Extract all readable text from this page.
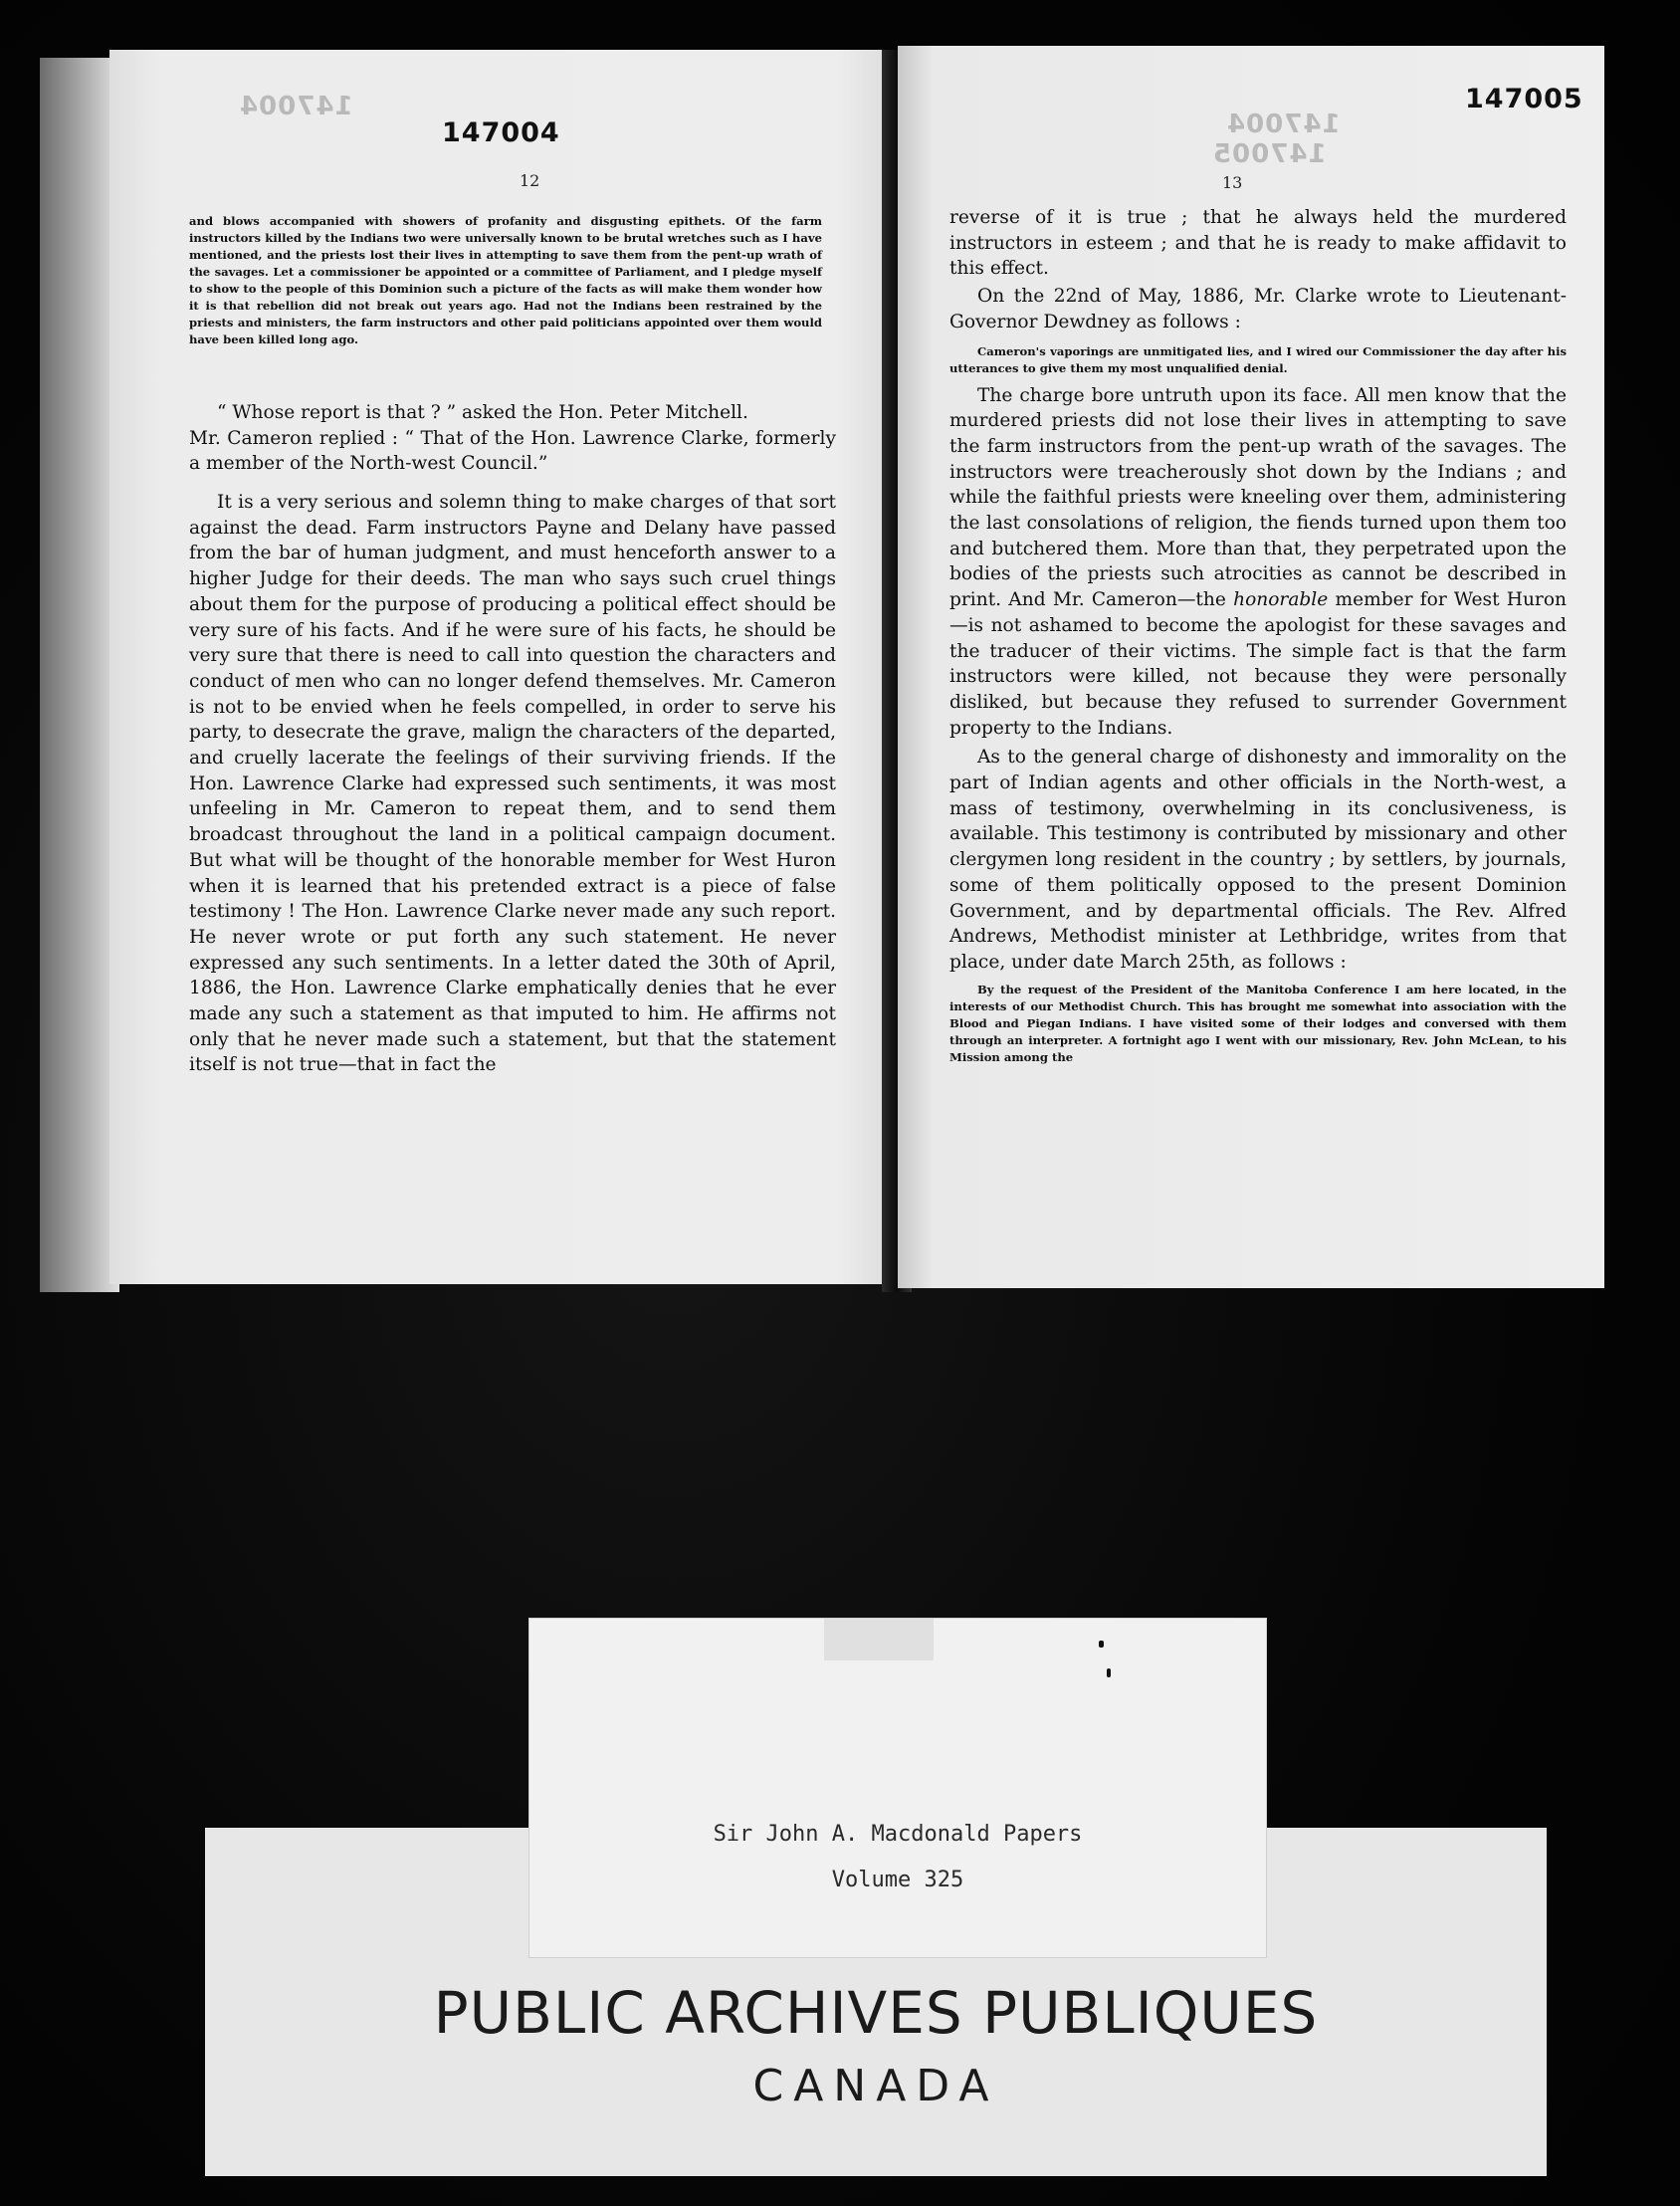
147004
147004
12
and blows accompanied with showers of profanity and disgusting epithets. Of the farm instructors killed by the Indians two were universally known to be brutal wretches such as I have mentioned, and the priests lost their lives in attempting to save them from the pent-up wrath of the savages. Let a commissioner be appointed or a committee of Parliament, and I pledge myself to show to the people of this Dominion such a picture of the facts as will make them wonder how it is that rebellion did not break out years ago. Had not the Indians been restrained by the priests and ministers, the farm instructors and other paid politicians appointed over them would have been killed long ago.

“ Whose report is that ? ” asked the Hon. Peter Mitchell.

Mr. Cameron replied : “ That of the Hon. Lawrence Clarke, formerly a member of the North-west Council.”

It is a very serious and solemn thing to make charges of that sort against the dead. Farm instructors Payne and Delany have passed from the bar of human judgment, and must henceforth answer to a higher Judge for their deeds. The man who says such cruel things about them for the purpose of producing a political effect should be very sure of his facts. And if he were sure of his facts, he should be very sure that there is need to call into question the characters and conduct of men who can no longer defend themselves. Mr. Cameron is not to be envied when he feels compelled, in order to serve his party, to desecrate the grave, malign the characters of the departed, and cruelly lacerate the feelings of their surviving friends. If the Hon. Lawrence Clarke had expressed such sentiments, it was most unfeeling in Mr. Cameron to repeat them, and to send them broadcast throughout the land in a political campaign document. But what will be thought of the honorable member for West Huron when it is learned that his pretended extract is a piece of false testimony ! The Hon. Lawrence Clarke never made any such report. He never wrote or put forth any such statement. He never expressed any such sentiments. In a letter dated the 30th of April, 1886, the Hon. Lawrence Clarke emphatically denies that he ever made any such a statement as that imputed to him. He affirms not only that he never made such a statement, but that the statement itself is not true—that in fact the

147005
147004
147005
13

reverse of it is true ; that he always held the murdered instructors in esteem ; and that he is ready to make affidavit to this effect.

On the 22nd of May, 1886, Mr. Clarke wrote to Lieutenant-Governor Dewdney as follows :

Cameron's vaporings are unmitigated lies, and I wired our Commissioner the day after his utterances to give them my most unqualified denial.

The charge bore untruth upon its face. All men know that the murdered priests did not lose their lives in attempting to save the farm instructors from the pent-up wrath of the savages. The instructors were treacherously shot down by the Indians ; and while the faithful priests were kneeling over them, administering the last consolations of religion, the fiends turned upon them too and butchered them. More than that, they perpetrated upon the bodies of the priests such atrocities as cannot be described in print. And Mr. Cameron—the honorable member for West Huron—is not ashamed to become the apologist for these savages and the traducer of their victims. The simple fact is that the farm instructors were killed, not because they were personally disliked, but because they refused to surrender Government property to the Indians.

As to the general charge of dishonesty and immorality on the part of Indian agents and other officials in the North-west, a mass of testimony, overwhelming in its conclusiveness, is available. This testimony is contributed by missionary and other clergymen long resident in the country ; by settlers, by journals, some of them politically opposed to the present Dominion Government, and by departmental officials. The Rev. Alfred Andrews, Methodist minister at Lethbridge, writes from that place, under date March 25th, as follows :

By the request of the President of the Manitoba Conference I am here located, in the interests of our Methodist Church. This has brought me somewhat into association with the Blood and Piegan Indians. I have visited some of their lodges and conversed with them through an interpreter. A fortnight ago I went with our missionary, Rev. John McLean, to his Mission among the

PUBLIC ARCHIVES PUBLIQUES
CANADA
Sir John A. Macdonald Papers
Volume 325
